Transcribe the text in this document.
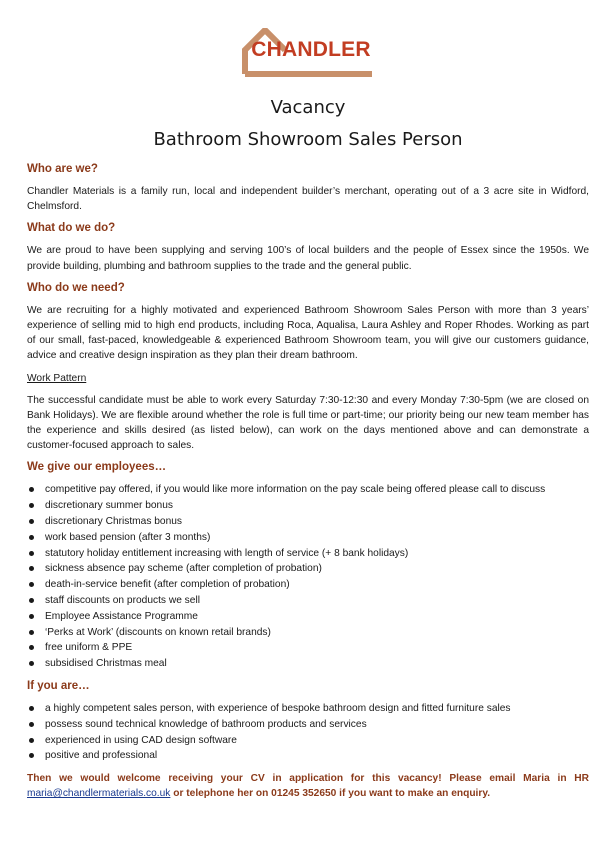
CHANDLER
Vacancy
Bathroom Showroom Sales Person
Who are we?

Chandler Materials is a family run, local and independent builder’s merchant, operating out of a 3 acre site in Widford, Chelmsford.

What do we do?

We are proud to have been supplying and serving 100’s of local builders and the people of Essex since the 1950s. We provide building, plumbing and bathroom supplies to the trade and the general public.

Who do we need?

We are recruiting for a highly motivated and experienced Bathroom Showroom Sales Person with more than 3 years’ experience of selling mid to high end products, including Roca, Aqualisa, Laura Ashley and Roper Rhodes. Working as part of our small, fast-paced, knowledgeable & experienced Bathroom Showroom team, you will give our customers guidance, advice and creative design inspiration as they plan their dream bathroom.

Work Pattern

The successful candidate must be able to work every Saturday 7:30-12:30 and every Monday 7:30-5pm (we are closed on Bank Holidays). We are flexible around whether the role is full time or part-time; our priority being our new team member has the experience and skills desired (as listed below), can work on the days mentioned above and can demonstrate a customer-focused approach to sales.

We give our employees…
competitive pay offered, if you would like more information on the pay scale being offered please call to discuss
discretionary summer bonus
discretionary Christmas bonus
work based pension (after 3 months)
statutory holiday entitlement increasing with length of service (+ 8 bank holidays)
sickness absence pay scheme (after completion of probation)
death-in-service benefit (after completion of probation)
staff discounts on products we sell
Employee Assistance Programme
‘Perks at Work’ (discounts on known retail brands)
free uniform & PPE
subsidised Christmas meal
If you are…
a highly competent sales person, with experience of bespoke bathroom design and fitted furniture sales
possess sound technical knowledge of bathroom products and services
experienced in using CAD design software
positive and professional

Then we would welcome receiving your CV in application for this vacancy! Please email Maria in HR maria@chandlermaterials.co.uk or telephone her on 01245 352650 if you want to make an enquiry.
